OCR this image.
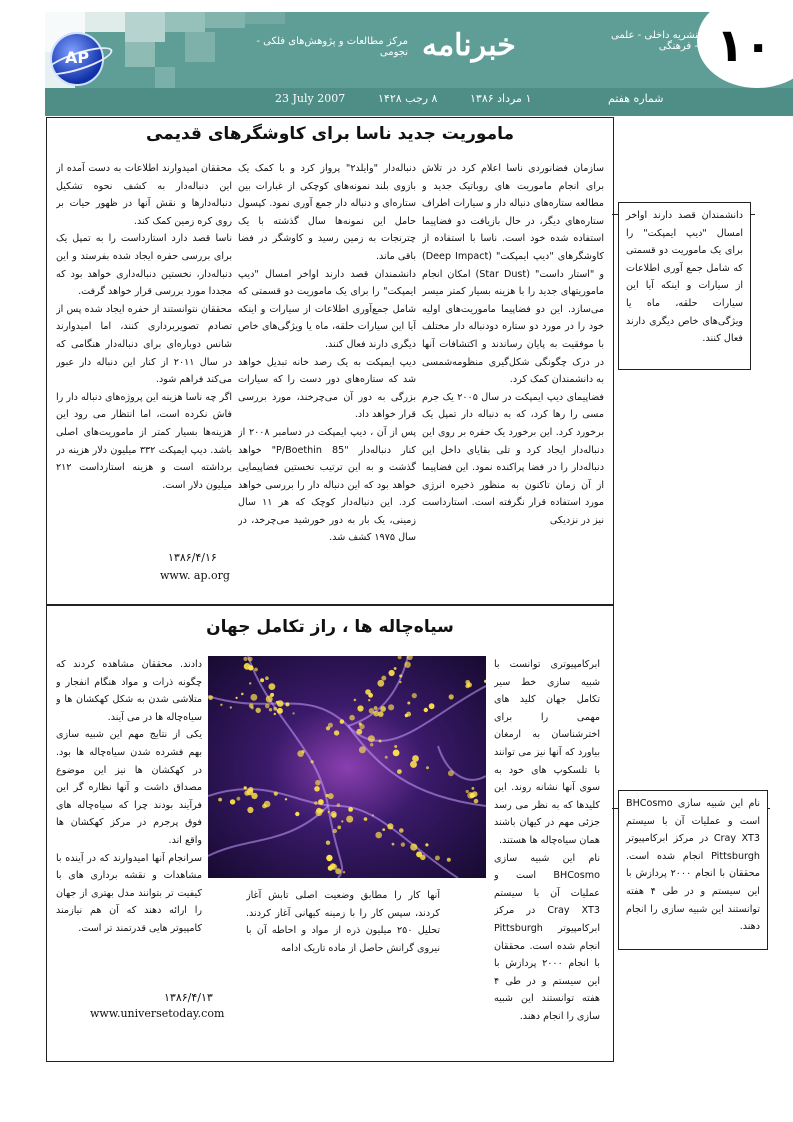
۱۰
AP	خبرنامه	نشریه داخلی - علمی - فرهنگی
مرکز مطالعات و پژوهش‌های فلکی - نجومی
شماره هفتم
۱ مرداد ۱۳۸۶
۸ رجب ۱۴۲۸
23 July 2007
ماموریت جدید ناسا برای کاوشگرهای قدیمی

سازمان فضانوردی ناسا اعلام کرد در تلاش برای انجام ماموریت های روباتیک جدید و مطالعه ستاره‌های دنباله دار و سیارات اطراف ستاره‌های دیگر، در حال بازیافت دو فضاپیما استفاده شده خود است. ناسا با استفاده از کاوشگرهای "دیپ ایمپکت" (Deep Impact) و "استار داست" (Star Dust) امکان انجام ماموریتهای جدید را با هزینه بسیار کمتر میسر می‌سازد. این دو فضاپیما ماموریت‌های اولیه خود را در مورد دو ستاره دودنباله دار مختلف با موفقیت به پایان رساندند و اکتشافات آنها در درک چگونگی شکل‌گیری منظومه‌شمسی به دانشمندان کمک کرد.

فضاپیمای دیپ ایمپکت در سال ۲۰۰۵ یک جرم مسی را رها کرد، که به دنباله دار تمپل یک برخورد کرد. این برخورد یک حفره بر روی این دنباله‌دار ایجاد کرد و تلی بقایای داخل این دنباله‌دار را در فضا پراکنده نمود. این فضاپیما از آن زمان تاکنون به منظور ذخیره انرژی مورد استفاده قرار نگرفته است. استارداست نیز در نزدیکی

دنباله‌دار "وایلد۲" پرواز کرد و با کمک یک بازوی بلند نمونه‌های کوچکی از غبارات بین ستاره‌ای و دنباله دار جمع آوری نمود. کپسول حامل این نمونه‌ها سال گذشته با یک چترنجات به زمین رسید و کاوشگر در فضا باقی ماند.

دانشمندان قصد دارند اواخر امسال "دیپ ایمپکت" را برای یک ماموریت دو قسمتی که شامل جمع‌آوری اطلاعات از سیارات و اینکه آیا این سیارات حلقه، ماه یا ویژگی‌های خاص دیگری دارند فعال کنند.

دیپ ایمپکت به یک رصد خانه تبدیل خواهد شد که ستاره‌های دور دست را که سیارات بزرگی به دور آن می‌چرخند، مورد بررسی قرار خواهد داد.

پس از آن ، دیپ ایمپکت در دسامبر ۲۰۰۸ از کنار دنباله‌دار "P/Boethin 85" خواهد گذشت و به این ترتیب نخستین فضاپیمایی خواهد بود که این دنباله دار را بررسی خواهد کرد. این دنباله‌دار کوچک که هر ۱۱ سال زمینی، یک بار به دور خورشید می‌چرخد، در سال ۱۹۷۵ کشف شد.

محققان امیدوارند اطلاعات به دست آمده از این دنباله‌دار به کشف نحوه تشکیل دنباله‌دارها و نقش آنها در ظهور حیات بر روی کره زمین کمک کند.

ناسا قصد دارد استارداست را به تمپل یک برای بررسی حفره ایجاد شده بفرستد و این دنباله‌دار، نخستین دنباله‌داری خواهد بود که مجددا مورد بررسی قرار خواهد گرفت.

محققان نتوانستند از حفره ایجاد شده پس از تصادم تصویربرداری کنند، اما امیدوارند شانس دوباره‌ای برای دنباله‌دار هنگامی که در سال ۲۰۱۱ از کنار این دنباله دار عبور می‌کند فراهم شود.

اگر چه ناسا هزینه این پروژه‌های دنباله دار را فاش نکرده است، اما انتظار می رود این هزینه‌ها بسیار کمتر از ماموریت‌های اصلی باشد. دیپ ایمپکت ۳۳۲ میلیون دلار هزینه در برداشته است و هزینه استارداست ۲۱۲ میلیون دلار است.

۱۳۸۶/۴/۱۶
www. ap.org
دانشمندان قصد دارند اواخر امسال "دیپ ایمپکت" را برای یک ماموریت دو قسمتی که شامل جمع آوری اطلاعات از سیارات و اینکه آیا این سیارات حلقه، ماه یا ویژگی‌های خاص دیگری دارند فعال کنند.
سیاه‌چاله ها ، راز تکامل جهان

ابرکامپیوتری توانست با شبیه سازی خط سیر تکامل جهان کلید های مهمی را برای اخترشناسان به ارمغان بیاورد که آنها نیز می توانند با تلسکوپ های خود به سوی آنها نشانه روند. این کلیدها که به نظر می رسد جزئی مهم در کیهان باشند همان سیاه‌چاله ها هستند.

نام این شبیه سازی BHCosmo است و عملیات آن با سیستم Cray XT3 در مرکز ابرکامپیوتر Pittsburgh انجام شده است. محققان با انجام ۲۰۰۰ پردازش با این سیستم و در طی ۴ هفته توانستند این شبیه سازی را انجام دهند.

آنها کار را مطابق وضعیت اصلی تابش آغاز کردند، سپس کار را با زمینه کیهانی آغاز کردند. تحلیل ۲۵۰ میلیون ذره از مواد و احاطه آن با نیروی گرانش حاصل از ماده تاریک ادامه

دادند. محققان مشاهده کردند که چگونه ذرات و مواد هنگام انفجار و متلاشی شدن به شکل کهکشان ها و سیاه‌چاله ها در می آیند.

یکی از نتایج مهم این شبیه سازی بهم فشرده شدن سیاه‌چاله ها بود. در کهکشان ها نیز این موضوع مصداق داشت و آنها نظاره گر این فرآیند بودند چرا که سیاه‌چاله های فوق پرجرم در مرکز کهکشان ها واقع اند.

سرانجام آنها امیدوارند که در آینده با مشاهدات و نقشه برداری های با کیفیت تر بتوانند مدل بهتری از جهان را ارائه دهند که آن هم نیازمند کامپیوتر هایی قدرتمند تر است.

۱۳۸۶/۴/۱۳
www.universetoday.com
نام این شبیه سازی BHCosmo است و عملیات آن با سیستم Cray XT3 در مرکز ابرکامپیوتر Pittsburgh انجام شده است. محققان با انجام ۲۰۰۰ پردازش با این سیستم و در طی ۴ هفته توانستند این شبیه سازی را انجام دهند.
